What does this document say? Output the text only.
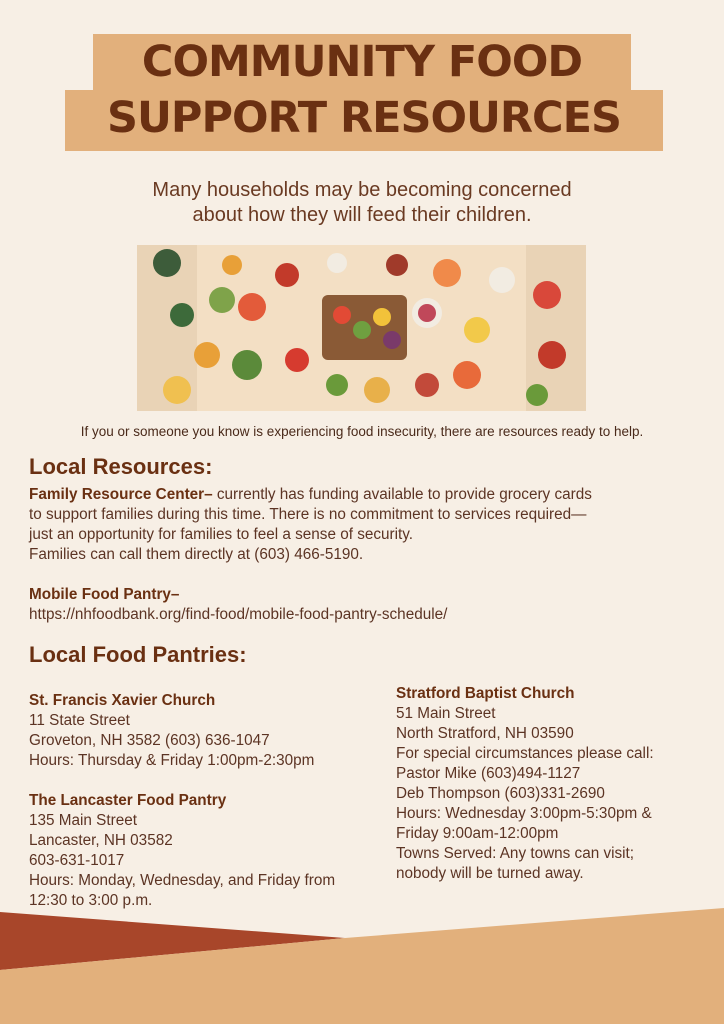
COMMUNITY FOOD
SUPPORT RESOURCES
Many households may be becoming concerned
about how they will feed their children.
If you or someone you know is experiencing food insecurity, there are resources ready to help.
Local Resources:

Family Resource Center– currently has funding available to provide grocery cards

to support families during this time. There is no commitment to services required—

just an opportunity for families to feel a sense of security.

Families can call them directly at (603) 466-5190.

Mobile Food Pantry–

https://nhfoodbank.org/find-food/mobile-food-pantry-schedule/

Local Food Pantries:
St. Francis Xavier Church
11 State Street
Groveton, NH 3582 (603) 636-1047
Hours: Thursday & Friday 1:00pm-2:30pm
The Lancaster Food Pantry
135 Main Street
Lancaster, NH 03582
603-631-1017
Hours: Monday, Wednesday, and Friday from
12:30 to 3:00 p.m.
Stratford Baptist Church
51 Main Street
North Stratford, NH 03590
For special circumstances please call:
Pastor Mike (603)494-1127
Deb Thompson (603)331-2690
Hours: Wednesday 3:00pm-5:30pm &
Friday 9:00am-12:00pm
Towns Served: Any towns can visit;
nobody will be turned away.
